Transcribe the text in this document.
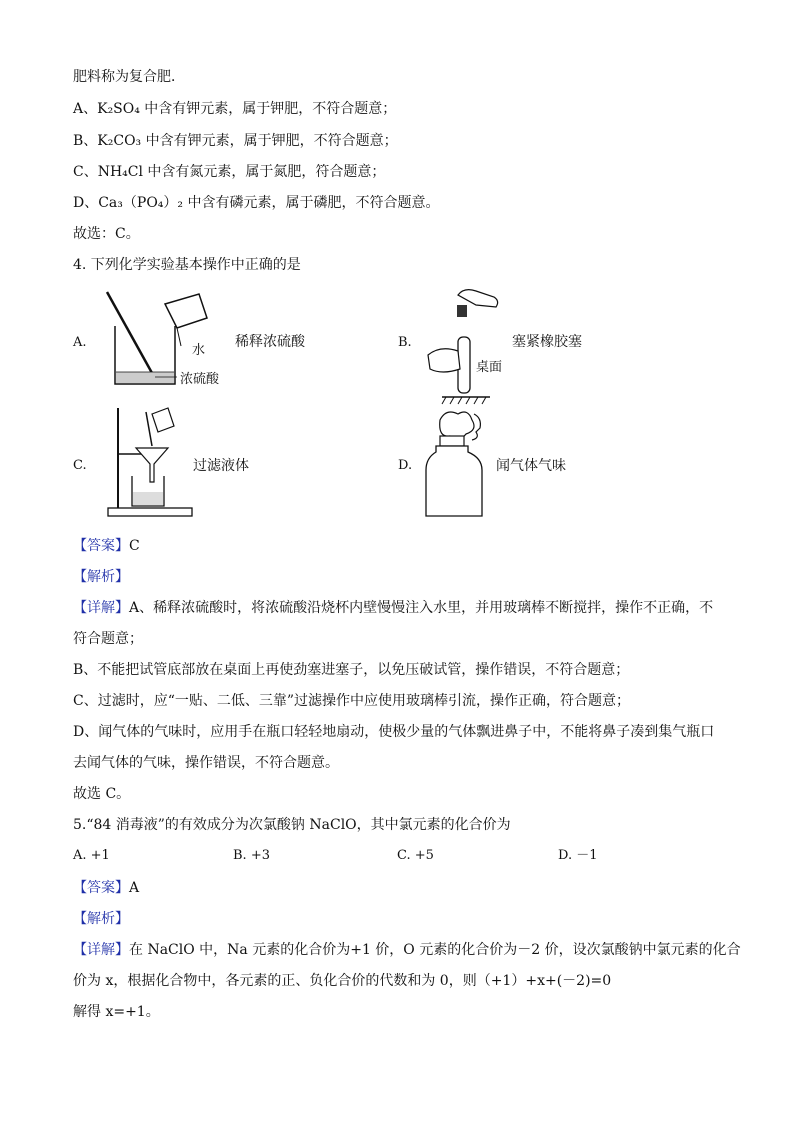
肥料称为复合肥．
A、K₂SO₄ 中含有钾元素，属于钾肥，不符合题意；
B、K₂CO₃ 中含有钾元素，属于钾肥，不符合题意；
C、NH₄Cl 中含有氮元素，属于氮肥，符合题意；
D、Ca₃（PO₄）₂ 中含有磷元素，属于磷肥，不符合题意。
故选：C。
4. 下列化学实验基本操作中正确的是
A.
水
浓硫酸
稀释浓硫酸	B.
桌面
塞紧橡胶塞
C.	过滤液体	D.	闻气体气味
【答案】C
【解析】
【详解】A、稀释浓硫酸时，将浓硫酸沿烧杯内壁慢慢注入水里，并用玻璃棒不断搅拌，操作不正确，不
符合题意；
B、不能把试管底部放在桌面上再使劲塞进塞子，以免压破试管，操作错误，不符合题意；
C、过滤时，应“一贴、二低、三靠”过滤操作中应使用玻璃棒引流，操作正确，符合题意；
D、闻气体的气味时，应用手在瓶口轻轻地扇动，使极少量的气体飘进鼻子中，不能将鼻子凑到集气瓶口
去闻气体的气味，操作错误，不符合题意。
故选 C。
5.“84 消毒液”的有效成分为次氯酸钠 NaClO，其中氯元素的化合价为
A. +1	B. +3	C. +5	D. －1
【答案】A
【解析】
【详解】在 NaClO 中，Na 元素的化合价为+1 价，O 元素的化合价为－2 价，设次氯酸钠中氯元素的化合
价为 x，根据化合物中，各元素的正、负化合价的代数和为 0，则（+1）+x+(－2)=0
解得 x=+1。
